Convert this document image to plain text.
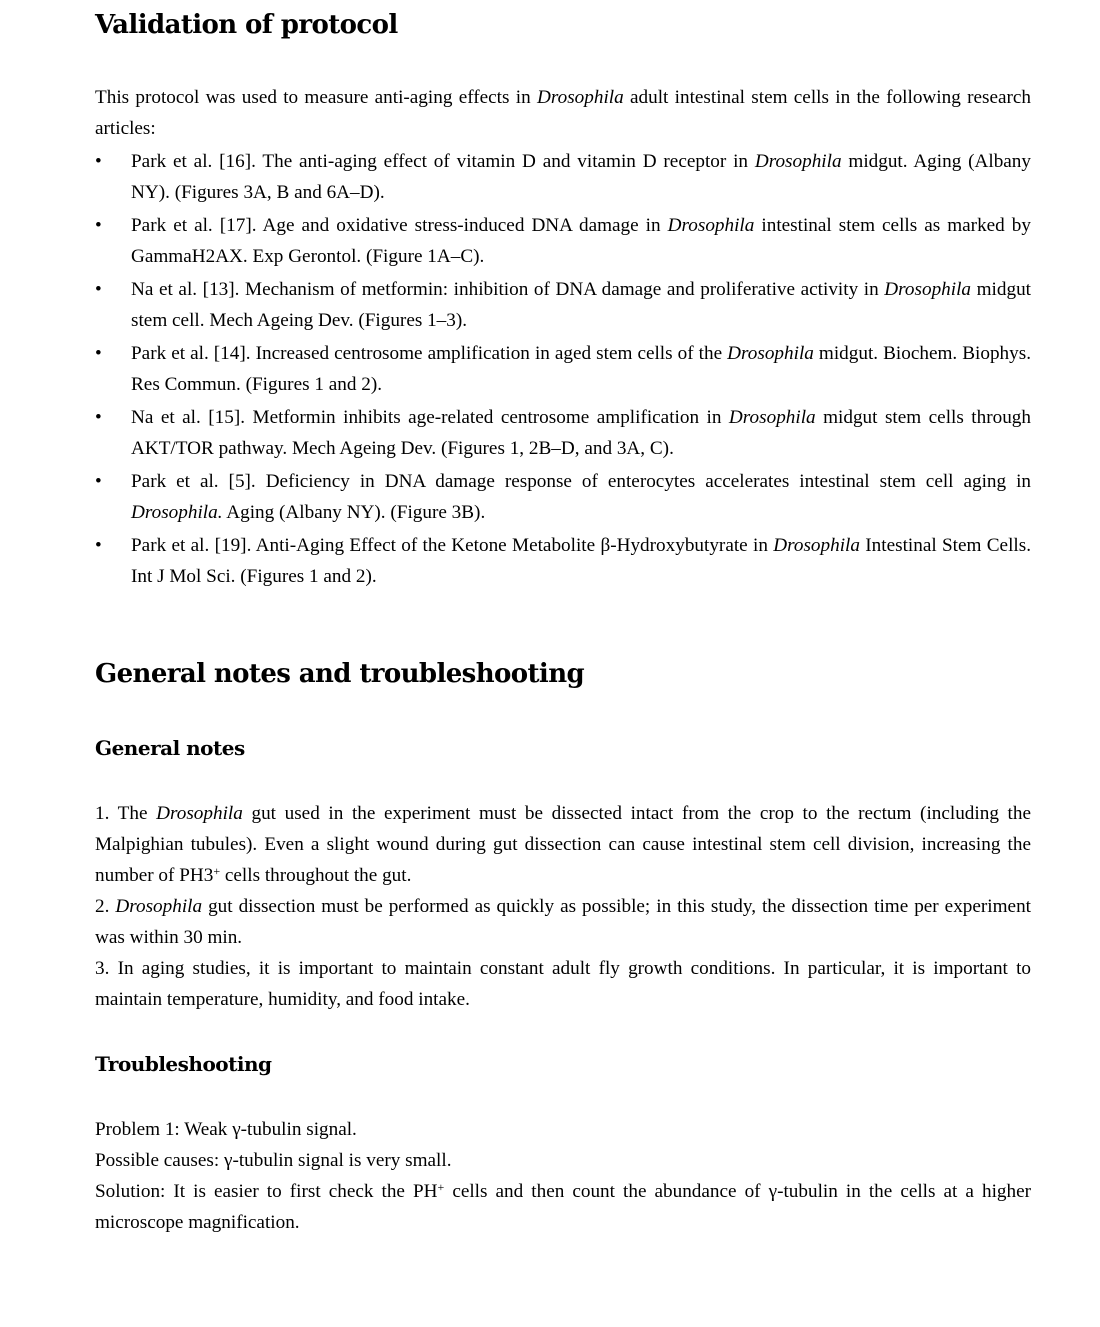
Validation of protocol

This protocol was used to measure anti-aging effects in Drosophila adult intestinal stem cells in the following research articles:

• Park et al. [16]. The anti-aging effect of vitamin D and vitamin D receptor in Drosophila midgut. Aging (Albany NY). (Figures 3A, B and 6A–D).
• Park et al. [17]. Age and oxidative stress-induced DNA damage in Drosophila intestinal stem cells as marked by GammaH2AX. Exp Gerontol. (Figure 1A–C).
• Na et al. [13]. Mechanism of metformin: inhibition of DNA damage and proliferative activity in Drosophila midgut stem cell. Mech Ageing Dev. (Figures 1–3).
• Park et al. [14]. Increased centrosome amplification in aged stem cells of the Drosophila midgut. Biochem. Biophys. Res Commun. (Figures 1 and 2).
• Na et al. [15]. Metformin inhibits age-related centrosome amplification in Drosophila midgut stem cells through AKT/TOR pathway. Mech Ageing Dev. (Figures 1, 2B–D, and 3A, C).
• Park et al. [5]. Deficiency in DNA damage response of enterocytes accelerates intestinal stem cell aging in Drosophila. Aging (Albany NY). (Figure 3B).
• Park et al. [19]. Anti-Aging Effect of the Ketone Metabolite β-Hydroxybutyrate in Drosophila Intestinal Stem Cells. Int J Mol Sci. (Figures 1 and 2).
General notes and troubleshooting
General notes
1. The Drosophila gut used in the experiment must be dissected intact from the crop to the rectum (including the Malpighian tubules). Even a slight wound during gut dissection can cause intestinal stem cell division, increasing the number of PH3+ cells throughout the gut.
2. Drosophila gut dissection must be performed as quickly as possible; in this study, the dissection time per experiment was within 30 min.
3. In aging studies, it is important to maintain constant adult fly growth conditions. In particular, it is important to maintain temperature, humidity, and food intake.
Troubleshooting
Problem 1: Weak γ-tubulin signal.
Possible causes: γ-tubulin signal is very small.
Solution: It is easier to first check the PH+ cells and then count the abundance of γ-tubulin in the cells at a higher microscope magnification.
